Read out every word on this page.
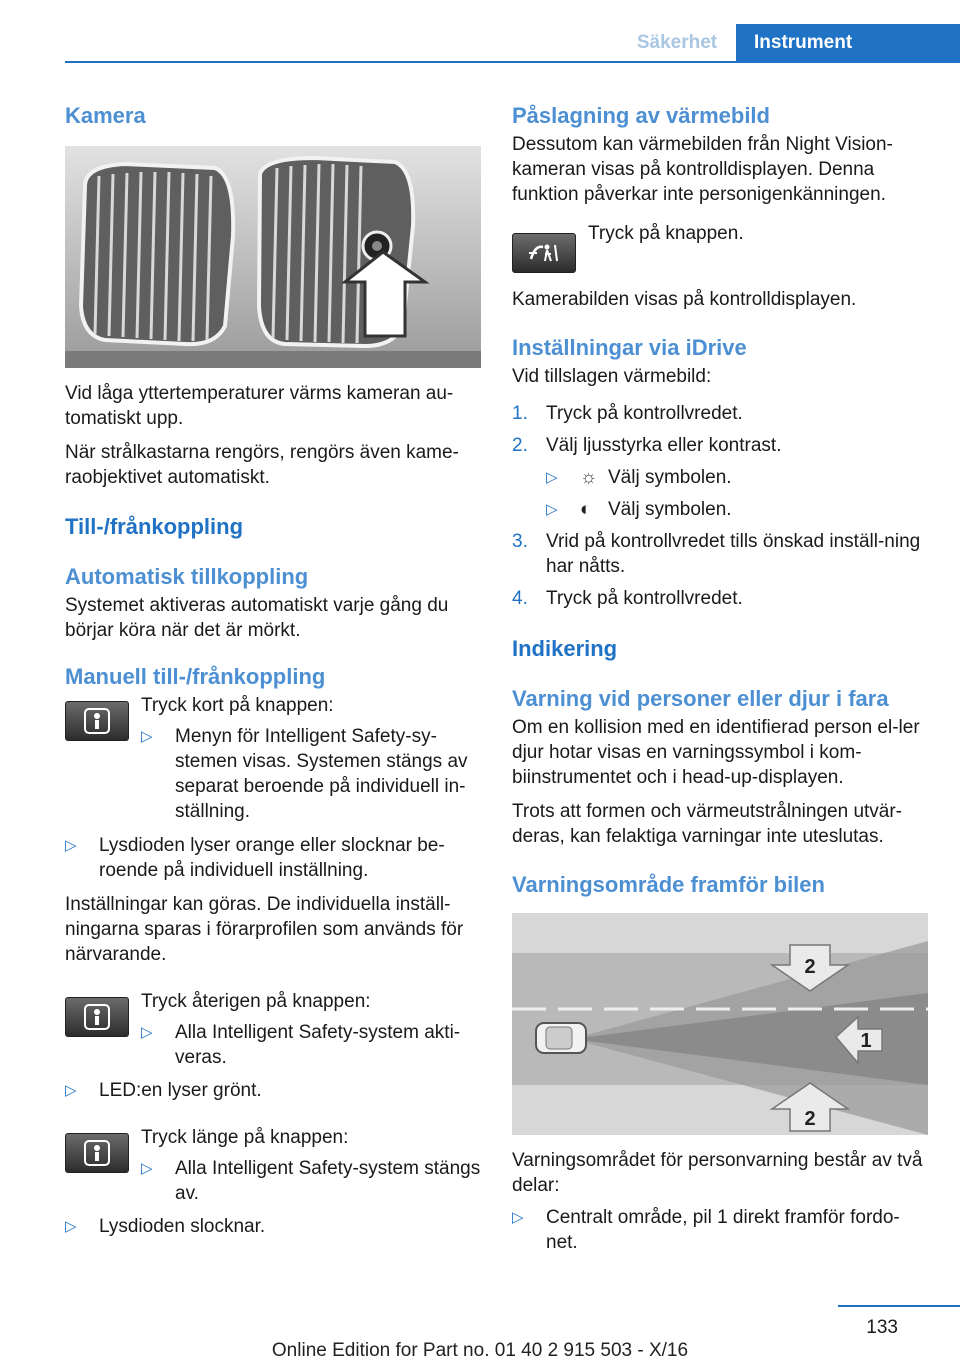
Säkerhet	Instrument
Kamera
Vid låga yttertemperaturer värms kameran au-tomatiskt upp.
När strålkastarna rengörs, rengörs även kame-raobjektivet automatiskt.
Till-/frånkoppling
Automatisk tillkoppling
Systemet aktiveras automatiskt varje gång du börjar köra när det är mörkt.
Manuell till-/frånkoppling
Tryck kort på knappen:
▷	Menyn för Intelligent Safety-sy-stemen visas. Systemen stängs av separat beroende på individuell in-ställning.
▷	Lysdioden lyser orange eller slocknar be-roende på individuell inställning.
Inställningar kan göras. De individuella inställ-ningarna sparas i förarprofilen som används för närvarande.
Tryck återigen på knappen:
▷	Alla Intelligent Safety-system akti-veras.
▷	LED:en lyser grönt.
Tryck länge på knappen:
▷	Alla Intelligent Safety-system stängs av.
▷	Lysdioden slocknar.
Påslagning av värmebild
Dessutom kan värmebilden från Night Vision-kameran visas på kontrolldisplayen. Denna funktion påverkar inte personigenkänningen.
Tryck på knappen.
Kamerabilden visas på kontrolldisplayen.
Inställningar via iDrive
Vid tillslagen värmebild:
1. Tryck på kontrollvredet.
2. Välj ljusstyrka eller kontrast.
▷	☼ Välj symbolen.
▷	◐ Välj symbolen.
3. Vrid på kontrollvredet tills önskad inställ-ning har nåtts.
4. Tryck på kontrollvredet.
Indikering
Varning vid personer eller djur i fara
Om en kollision med en identifierad person el-ler djur hotar visas en varningssymbol i kom-biinstrumentet och i head-up-displayen.
Trots att formen och värmeutstrålningen utvär-deras, kan felaktiga varningar inte uteslutas.
Varningsområde framför bilen
2
1
2
Varningsområdet för personvarning består av två delar:
▷	Centralt område, pil 1 direkt framför fordo-net.
133
Online Edition for Part no. 01 40 2 915 503 - X/16
